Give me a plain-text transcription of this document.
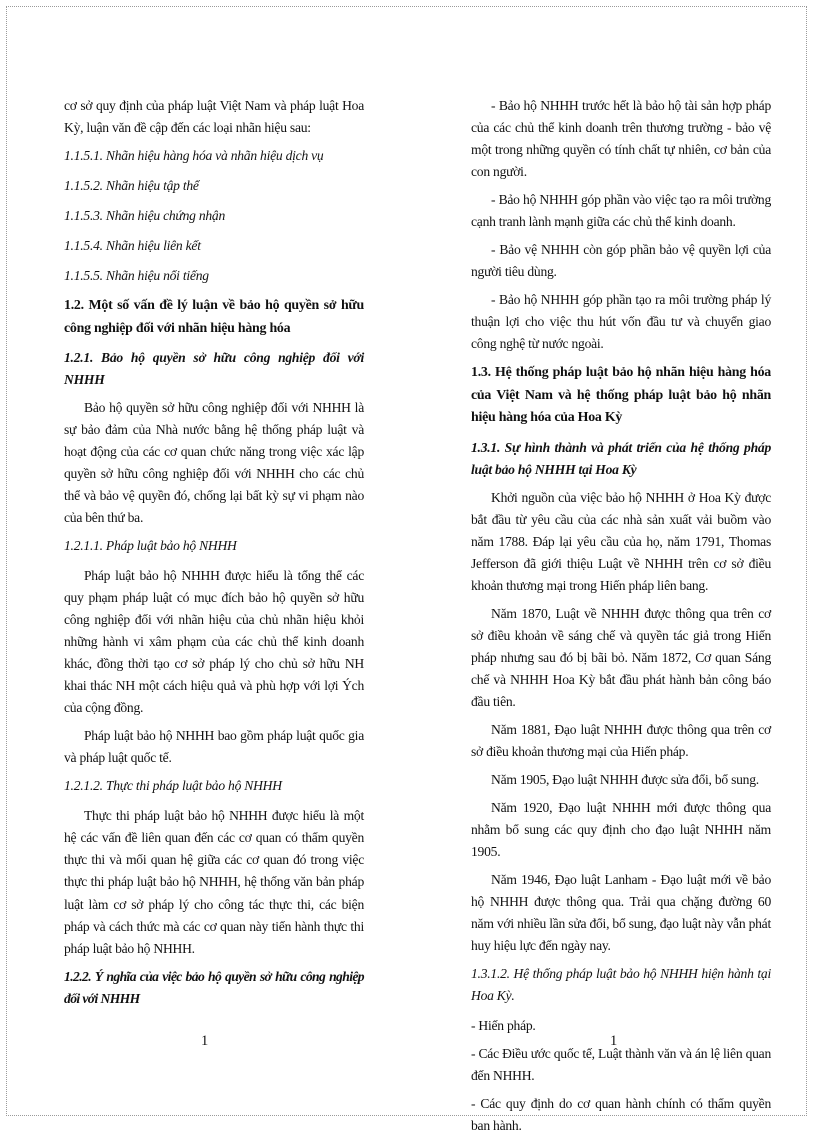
cơ sở quy định của pháp luật Việt Nam và pháp luật Hoa Kỳ, luận văn đề cập đến các loại nhãn hiệu sau:

1.1.5.1. Nhãn hiệu hàng hóa và nhãn hiệu dịch vụ

1.1.5.2. Nhãn hiệu tập thể

1.1.5.3. Nhãn hiệu chứng nhận

1.1.5.4. Nhãn hiệu liên kết

1.1.5.5. Nhãn hiệu nổi tiếng

1.2. Một số vấn đề lý luận về bảo hộ quyền sở hữu công nghiệp đối với nhãn hiệu hàng hóa

1.2.1. Bảo hộ quyền sở hữu công nghiệp đối với NHHH

Bảo hộ quyền sở hữu công nghiệp đối với NHHH là sự bảo đảm của Nhà nước bằng hệ thống pháp luật và hoạt động của các cơ quan chức năng trong việc xác lập quyền sở hữu công nghiệp đối với NHHH cho các chủ thể và bảo vệ quyền đó, chống lại bất kỳ sự vi phạm nào của bên thứ ba.

1.2.1.1. Pháp luật bảo hộ NHHH

Pháp luật bảo hộ NHHH được hiểu là tổng thể các quy phạm pháp luật có mục đích bảo hộ quyền sở hữu công nghiệp đối với nhãn hiệu của chủ nhãn hiệu khỏi những hành vi xâm phạm của các chủ thể kinh doanh khác, đồng thời tạo cơ sở pháp lý cho chủ sở hữu NH khai thác NH một cách hiệu quả và phù hợp với lợi Ých của cộng đồng.

Pháp luật bảo hộ NHHH bao gồm pháp luật quốc gia và pháp luật quốc tế.

1.2.1.2. Thực thi pháp luật bảo hộ NHHH

Thực thi pháp luật bảo hộ NHHH được hiểu là một hệ các vấn đề liên quan đến các cơ quan có thẩm quyền thực thi và mối quan hệ giữa các cơ quan đó trong việc thực thi pháp luật bảo hộ NHHH, hệ thống văn bản pháp luật làm cơ sở pháp lý cho công tác thực thi, các biện pháp và cách thức mà các cơ quan này tiến hành thực thi pháp luật bảo hộ NHHH.

1.2.2. Ý nghĩa của việc bảo hộ quyền sở hữu công nghiệp đối với NHHH

- Bảo hộ NHHH trước hết là bảo hộ tài sản hợp pháp của các chủ thể kinh doanh trên thương trường - bảo vệ một trong những quyền có tính chất tự nhiên, cơ bản của con người.

- Bảo hộ NHHH góp phần vào việc tạo ra môi trường cạnh tranh lành mạnh giữa các chủ thể kinh doanh.

- Bảo vệ NHHH còn góp phần bảo vệ quyền lợi của người tiêu dùng.

- Bảo hộ NHHH góp phần tạo ra môi trường pháp lý thuận lợi cho việc thu hút vốn đầu tư và chuyển giao công nghệ từ nước ngoài.

1.3. Hệ thống pháp luật bảo hộ nhãn hiệu hàng hóa của Việt Nam và hệ thống pháp luật bảo hộ nhãn hiệu hàng hóa của Hoa Kỳ

1.3.1. Sự hình thành và phát triển của hệ thống pháp luật bảo hộ NHHH tại Hoa Kỳ

Khởi nguồn của việc bảo hộ NHHH ở Hoa Kỳ được bắt đầu từ yêu cầu của các nhà sản xuất vải buồm vào năm 1788. Đáp lại yêu cầu của họ, năm 1791, Thomas Jefferson đã giới thiệu Luật về NHHH trên cơ sở điều khoản thương mại trong Hiến pháp liên bang.

Năm 1870, Luật về NHHH được thông qua trên cơ sở điều khoản về sáng chế và quyền tác giả trong Hiến pháp nhưng sau đó bị bãi bỏ. Năm 1872, Cơ quan Sáng chế và NHHH Hoa Kỳ bắt đầu phát hành bản công báo đầu tiên.

Năm 1881, Đạo luật NHHH được thông qua trên cơ sở điều khoản thương mại của Hiến pháp.

Năm 1905, Đạo luật NHHH được sửa đổi, bổ sung.

Năm 1920, Đạo luật NHHH mới được thông qua nhằm bổ sung các quy định cho đạo luật NHHH năm 1905.

Năm 1946, Đạo luật Lanham - Đạo luật mới về bảo hộ NHHH được thông qua. Trải qua chặng đường 60 năm với nhiều lần sửa đổi, bổ sung, đạo luật này vẫn phát huy hiệu lực đến ngày nay.

1.3.1.2. Hệ thống pháp luật bảo hộ NHHH hiện hành tại Hoa Kỳ.

- Hiến pháp.

- Các Điều ước quốc tế, Luật thành văn và án lệ liên quan đến NHHH.

- Các quy định do cơ quan hành chính có thẩm quyền ban hành.

1	1
